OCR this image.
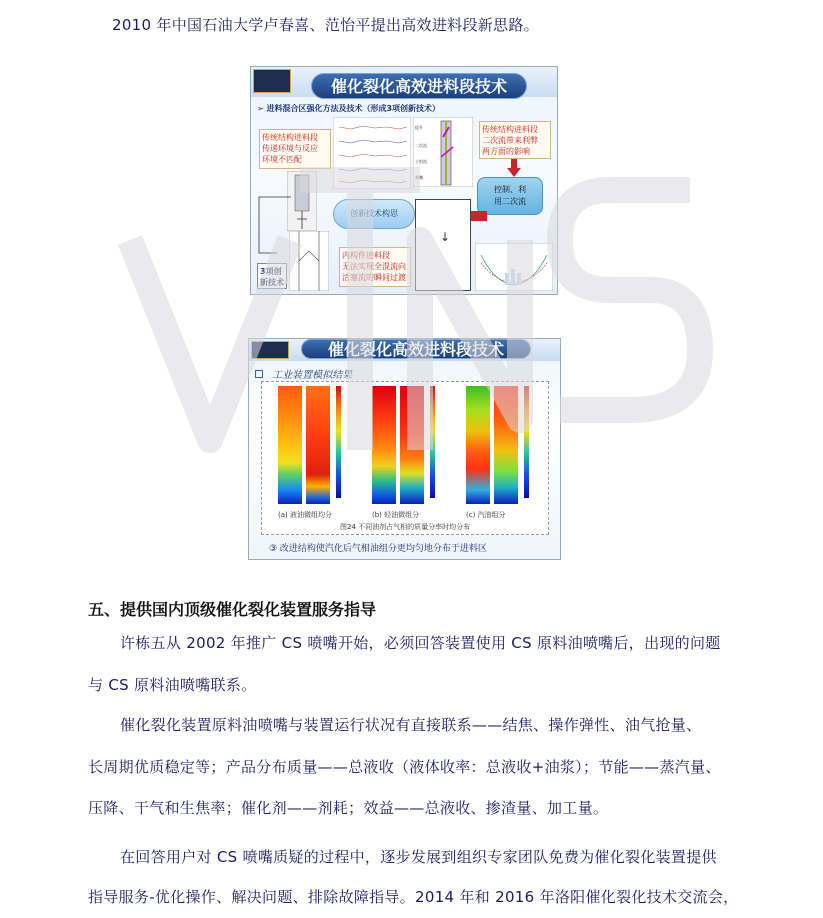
2010 年中国石油大学卢春喜、范怡平提出高效进料段新思路。
催化裂化高效进料段技术
➢ 进料混合区强化方法及技术（形成3项创新技术）
传统结构进料段
传递环境与反应
环境不匹配
提升
二次流
主射流
喷嘴
传统结构进料段
二次流带来利弊
两方面的影响
控制、利
用二次流
创新技术构思
3项创
新技术
内构件进料段
无法实现全混流向
活塞流的瞬间过渡
↓
催化裂化高效进料段技术
工业装置模拟结果
(a) 液油微组均分	(b) 轻油微组分	(c) 汽油组分
图24 不同油剂占气相的质量分率时均分布
③ 改进结构使汽化后气相油组分更均匀地分布于进料区
五、提供国内顶级催化裂化装置服务指导
许栋五从 2002 年推广 CS 喷嘴开始，必须回答装置使用 CS 原料油喷嘴后，出现的问题
与 CS 原料油喷嘴联系。
催化裂化装置原料油喷嘴与装置运行状况有直接联系——结焦、操作弹性、油气抢量、
长周期优质稳定等；产品分布质量——总液收（液体收率：总液收+油浆）；节能——蒸汽量、
压降、干气和生焦率；催化剂——剂耗；效益——总液收、掺渣量、加工量。
在回答用户对 CS 喷嘴质疑的过程中，逐步发展到组织专家团队免费为催化裂化装置提供
指导服务-优化操作、解决问题、排除故障指导。2014 年和 2016 年洛阳催化裂化技术交流会，
